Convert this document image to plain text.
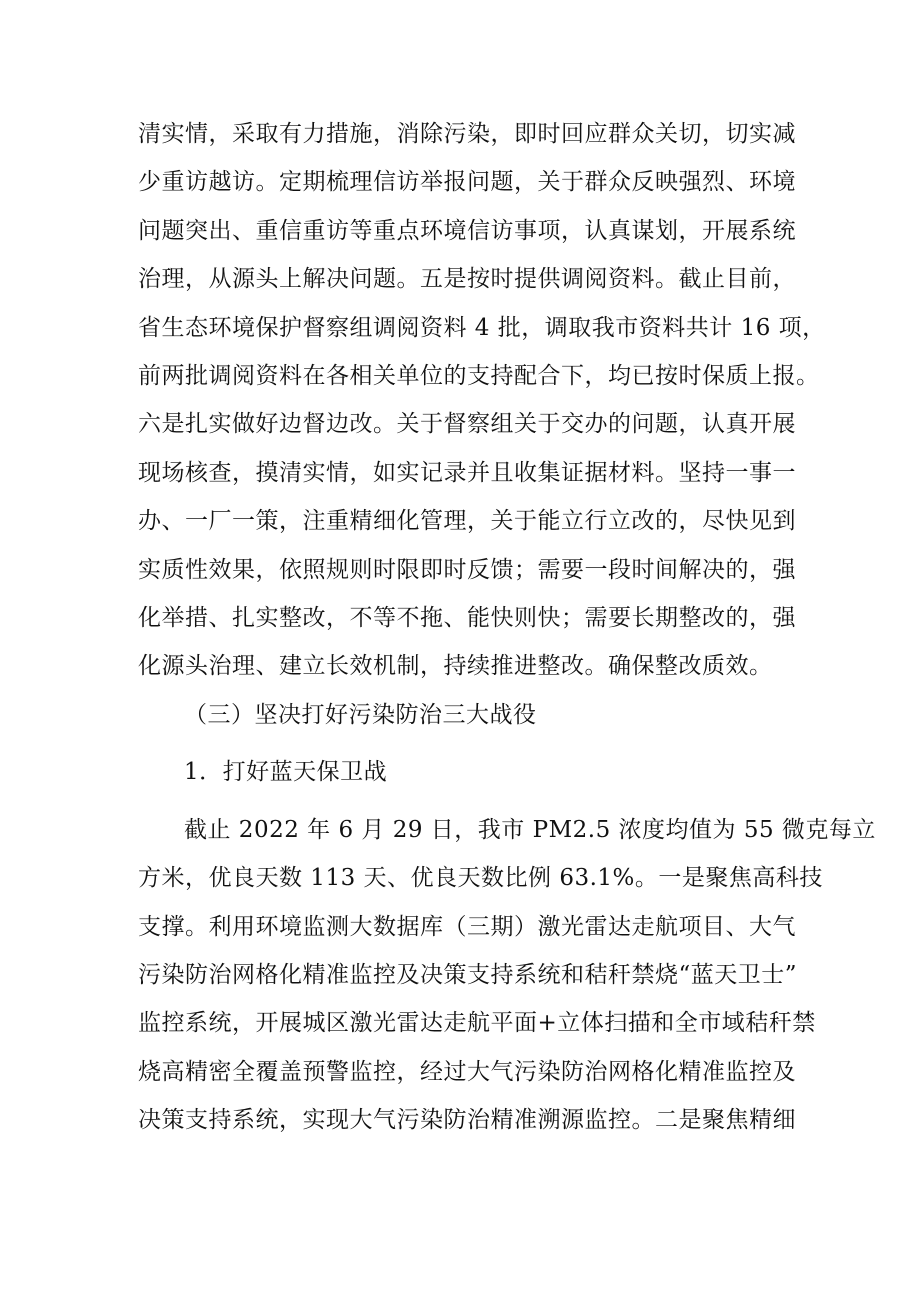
清实情，采取有力措施，消除污染，即时回应群众关切，切实减
少重访越访。定期梳理信访举报问题，关于群众反映强烈、环境
问题突出、重信重访等重点环境信访事项，认真谋划，开展系统
治理，从源头上解决问题。五是按时提供调阅资料。截止目前，
省生态环境保护督察组调阅资料 4 批，调取我市资料共计 16 项，
前两批调阅资料在各相关单位的支持配合下，均已按时保质上报。
六是扎实做好边督边改。关于督察组关于交办的问题，认真开展
现场核查，摸清实情，如实记录并且收集证据材料。坚持一事一
办、一厂一策，注重精细化管理，关于能立行立改的，尽快见到
实质性效果，依照规则时限即时反馈；需要一段时间解决的，强
化举措、扎实整改，不等不拖、能快则快；需要长期整改的，强
化源头治理、建立长效机制，持续推进整改。确保整改质效。
（三）坚决打好污染防治三大战役
1．打好蓝天保卫战
截止 2022 年 6 月 29 日，我市 PM2.5 浓度均值为 55 微克每立
方米，优良天数 113 天、优良天数比例 63.1%。一是聚焦高科技
支撑。利用环境监测大数据库（三期）激光雷达走航项目、大气
污染防治网格化精准监控及决策支持系统和秸秆禁烧“蓝天卫士”
监控系统，开展城区激光雷达走航平面+立体扫描和全市域秸秆禁
烧高精密全覆盖预警监控，经过大气污染防治网格化精准监控及
决策支持系统，实现大气污染防治精准溯源监控。二是聚焦精细
